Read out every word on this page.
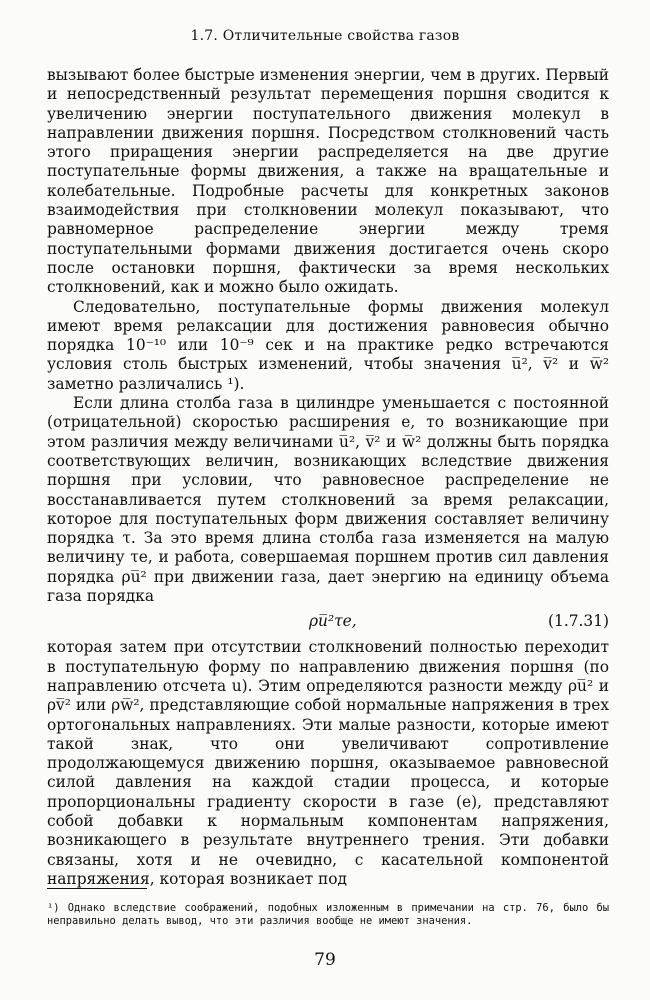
1.7. Отличительные свойства газов

вызывают более быстрые изменения энергии, чем в других. Первый и непосредственный результат перемещения поршня сводится к увеличению энергии поступательного движения молекул в направлении движения поршня. Посредством столкновений часть этого приращения энергии распределяется на две другие поступательные формы движения, а также на вращательные и колебательные. Подробные расчеты для конкретных законов взаимодействия при столкновении молекул показывают, что равномерное распределение энергии между тремя поступательными формами движения достигается очень скоро после остановки поршня, фактически за время нескольких столкновений, как и можно было ожидать.

Следовательно, поступательные формы движения молекул имеют время релаксации для достижения равновесия обычно порядка 10⁻¹⁰ или 10⁻⁹ сек и на практике редко встречаются условия столь быстрых изменений, чтобы значения u̅², v̅² и w̅² заметно различались ¹).

Если длина столба газа в цилиндре уменьшается с постоянной (отрицательной) скоростью расширения e, то возникающие при этом различия между величинами u̅², v̅² и w̅² должны быть порядка соответствующих величин, возникающих вследствие движения поршня при условии, что равновесное распределение не восстанавливается путем столкновений за время релаксации, которое для поступательных форм движения составляет величину порядка τ. За это время длина столба газа изменяется на малую величину τe, и работа, совершаемая поршнем против сил давления порядка ρu̅² при движении газа, дает энергию на единицу объема газа порядка

ρu̅²τe,	(1.7.31)

которая затем при отсутствии столкновений полностью переходит в поступательную форму по направлению движения поршня (по направлению отсчета u). Этим определяются разности между ρu̅² и ρv̅² или ρw̅², представляющие собой нормальные напряжения в трех ортогональных направлениях. Эти малые разности, которые имеют такой знак, что они увеличивают сопротивление продолжающемуся движению поршня, оказываемое равновесной силой давления на каждой стадии процесса, и которые пропорциональны градиенту скорости в газе (e), представляют собой добавки к нормальным компонентам напряжения, возникающего в результате внутреннего трения. Эти добавки связаны, хотя и не очевидно, с касательной компонентой напряжения, которая возникает под

¹) Однако вследствие соображений, подобных изложенным в примечании на стр. 76, было бы неправильно делать вывод, что эти различия вообще не имеют значения.
79
